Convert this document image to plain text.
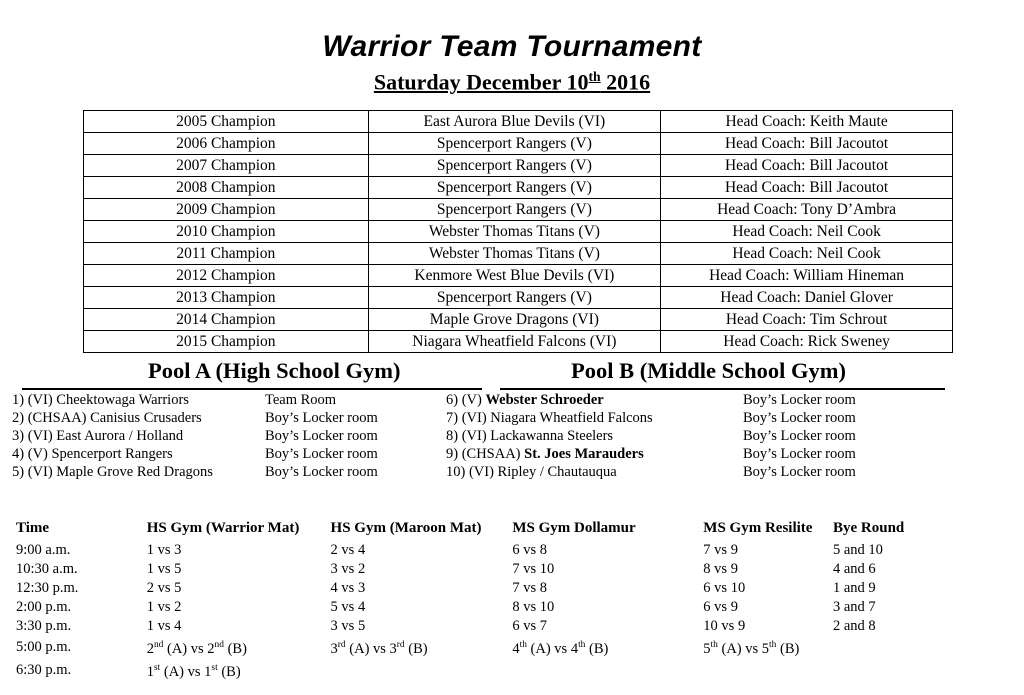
Warrior Team Tournament
Saturday December 10th 2016
2005 Champion	East Aurora Blue Devils (VI)	Head Coach: Keith Maute
2006 Champion	Spencerport Rangers (V)	Head Coach: Bill Jacoutot
2007 Champion	Spencerport Rangers (V)	Head Coach: Bill Jacoutot
2008 Champion	Spencerport Rangers (V)	Head Coach: Bill Jacoutot
2009 Champion	Spencerport Rangers (V)	Head Coach: Tony D’Ambra
2010 Champion	Webster Thomas Titans (V)	Head Coach: Neil Cook
2011 Champion	Webster Thomas Titans (V)	Head Coach: Neil Cook
2012 Champion	Kenmore West Blue Devils (VI)	Head Coach: William Hineman
2013 Champion	Spencerport Rangers (V)	Head Coach: Daniel Glover
2014 Champion	Maple Grove Dragons (VI)	Head Coach: Tim Schrout
2015 Champion	Niagara Wheatfield Falcons (VI)	Head Coach: Rick Sweney
Pool A (High School Gym)	Pool B (Middle School Gym)
1) (VI) Cheektowaga Warriors	Team Room
2) (CHSAA) Canisius Crusaders	Boy’s Locker room
3) (VI) East Aurora / Holland	Boy’s Locker room
4) (V) Spencerport Rangers	Boy’s Locker room
5) (VI) Maple Grove Red Dragons	Boy’s Locker room
6) (V) Webster Schroeder	Boy’s Locker room
7) (VI) Niagara Wheatfield Falcons	Boy’s Locker room
8) (VI) Lackawanna Steelers	Boy’s Locker room
9) (CHSAA) St. Joes Marauders	Boy’s Locker room
10) (VI) Ripley / Chautauqua	Boy’s Locker room
Time	HS Gym (Warrior Mat)	HS Gym (Maroon Mat)	MS Gym Dollamur	MS Gym Resilite	Bye Round
9:00 a.m.	1 vs 3	2 vs 4	6 vs 8	7 vs 9	5 and 10
10:30 a.m.	1 vs 5	3 vs 2	7 vs 10	8 vs 9	4 and 6
12:30 p.m.	2 vs 5	4 vs 3	7 vs 8	6 vs 10	1 and 9
2:00 p.m.	1 vs 2	5 vs 4	8 vs 10	6 vs 9	3 and 7
3:30 p.m.	1 vs 4	3 vs 5	6 vs 7	10 vs 9	2 and 8
5:00 p.m.	2nd (A) vs 2nd (B)	3rd (A) vs 3rd (B)	4th (A) vs 4th (B)	5th (A) vs 5th (B)	
6:30 p.m.	1st (A) vs 1st (B)				
